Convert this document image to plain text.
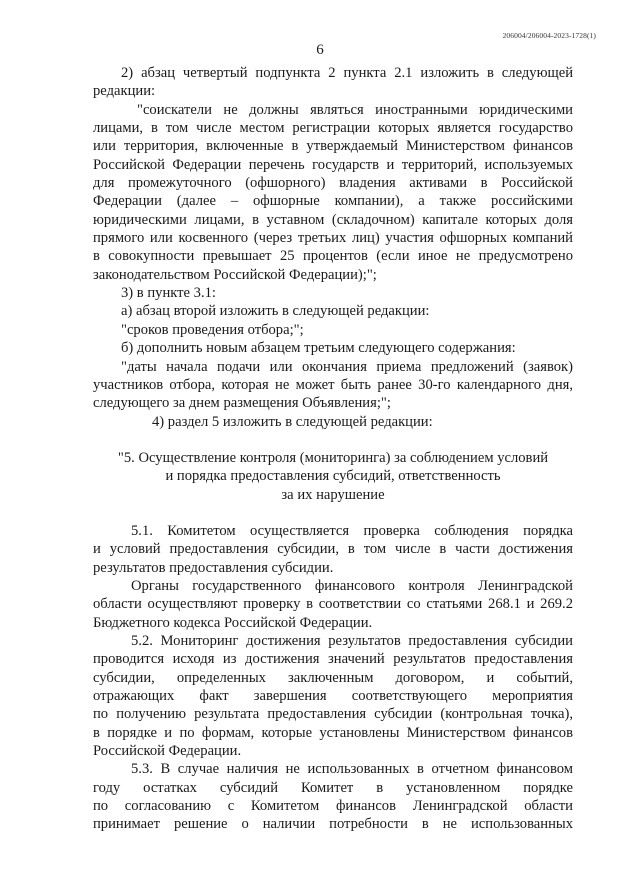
206004/206004-2023-1728(1)
6

2) абзац четвертый подпункта 2 пункта 2.1 изложить в следующей

редакции:

"соискатели не должны являться иностранными юридическими

лицами, в том числе местом регистрации которых является государство

или территория, включенные в утверждаемый Министерством финансов

Российской Федерации перечень государств и территорий, используемых

для промежуточного (офшорного) владения активами в Российской

Федерации (далее – офшорные компании), а также российскими

юридическими лицами, в уставном (складочном) капитале которых доля

прямого или косвенного (через третьих лиц) участия офшорных компаний

в совокупности превышает 25 процентов (если иное не предусмотрено

законодательством Российской Федерации);";

3) в пункте 3.1:

а) абзац второй изложить в следующей редакции:

"сроков проведения отбора;";

б) дополнить новым абзацем третьим следующего содержания:

"даты начала подачи или окончания приема предложений (заявок)

участников отбора, которая не может быть ранее 30-го календарного дня,

следующего за днем размещения Объявления;";

4) раздел 5 изложить в следующей редакции:

"5. Осуществление контроля (мониторинга) за соблюдением условий

и порядка предоставления субсидий, ответственность

за их нарушение

5.1. Комитетом осуществляется проверка соблюдения порядка

и условий предоставления субсидии, в том числе в части достижения

результатов предоставления субсидии.

Органы государственного финансового контроля Ленинградской

области осуществляют проверку в соответствии со статьями 268.1 и 269.2

Бюджетного кодекса Российской Федерации.

5.2. Мониторинг достижения результатов предоставления субсидии

проводится исходя из достижения значений результатов предоставления

субсидии, определенных заключенным договором, и событий,

отражающих факт завершения соответствующего мероприятия

по получению результата предоставления субсидии (контрольная точка),

в порядке и по формам, которые установлены Министерством финансов

Российской Федерации.

5.3. В случае наличия не использованных в отчетном финансовом

году остатках субсидий Комитет в установленном порядке

по согласованию с Комитетом финансов Ленинградской области

принимает решение о наличии потребности в не использованных
